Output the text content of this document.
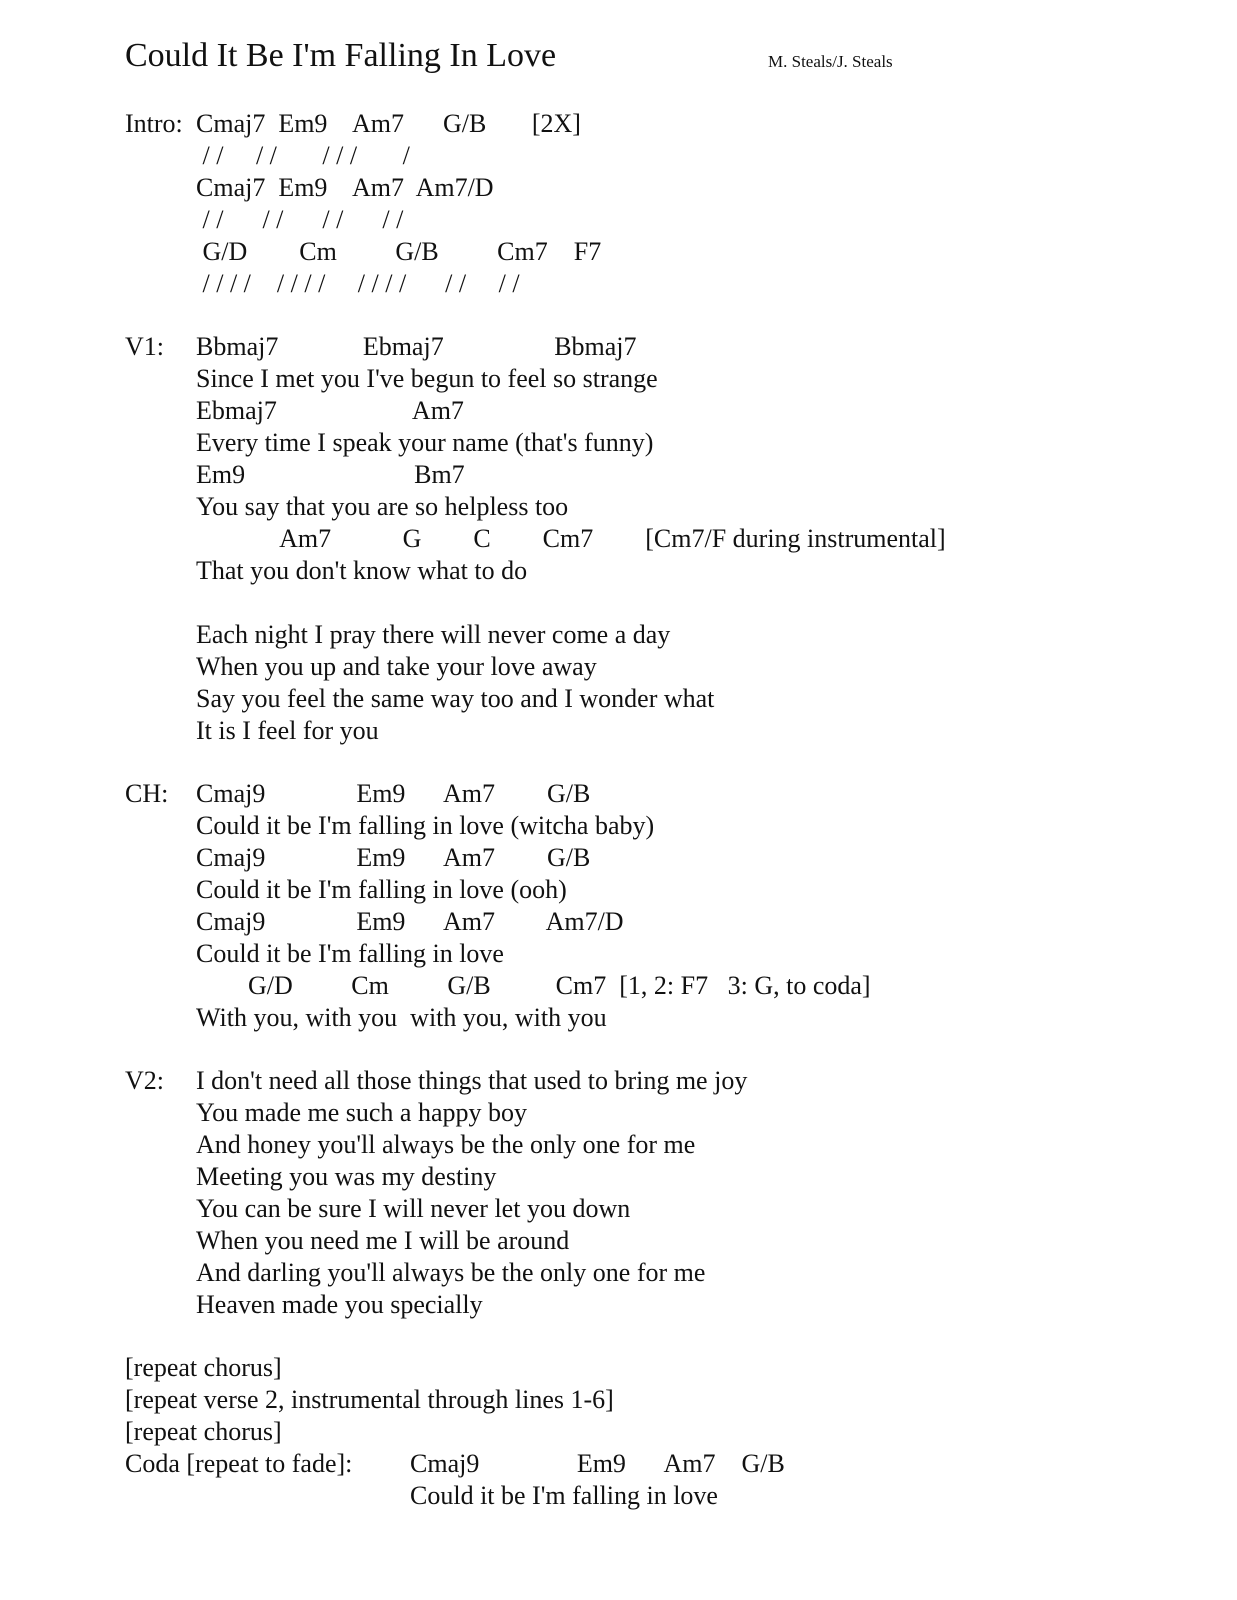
Could It Be I'm Falling In Love	M. Steals/J. Steals
Intro: Cmaj7  Em9    Am7      G/B       [2X]
/ /     / /       / / /       /
Cmaj7  Em9    Am7  Am7/D
/ /      / /      / /      / /
G/D        Cm         G/B         Cm7    F7
/ / / /    / / / /     / / / /      / /     / /
V1: Bbmaj7             Ebmaj7                 Bbmaj7
Since I met you I've begun to feel so strange
Ebmaj7                     Am7
Every time I speak your name (that's funny)
Em9                          Bm7
You say that you are so helpless too
Am7           G        C        Cm7        [Cm7/F during instrumental]
That you don't know what to do
Each night I pray there will never come a day
When you up and take your love away
Say you feel the same way too and I wonder what
It is I feel for you
CH: Cmaj9              Em9      Am7        G/B
Could it be I'm falling in love (witcha baby)
Cmaj9              Em9      Am7        G/B
Could it be I'm falling in love (ooh)
Cmaj9              Em9      Am7        Am7/D
Could it be I'm falling in love
G/D         Cm         G/B          Cm7  [1, 2: F7   3: G, to coda]
With you, with you  with you, with you
V2: I don't need all those things that used to bring me joy
You made me such a happy boy
And honey you'll always be the only one for me
Meeting you was my destiny
You can be sure I will never let you down
When you need me I will be around
And darling you'll always be the only one for me
Heaven made you specially
[repeat chorus]
[repeat verse 2, instrumental through lines 1-6]
[repeat chorus]
Coda [repeat to fade]: Cmaj9               Em9      Am7    G/B
Could it be I'm falling in love
